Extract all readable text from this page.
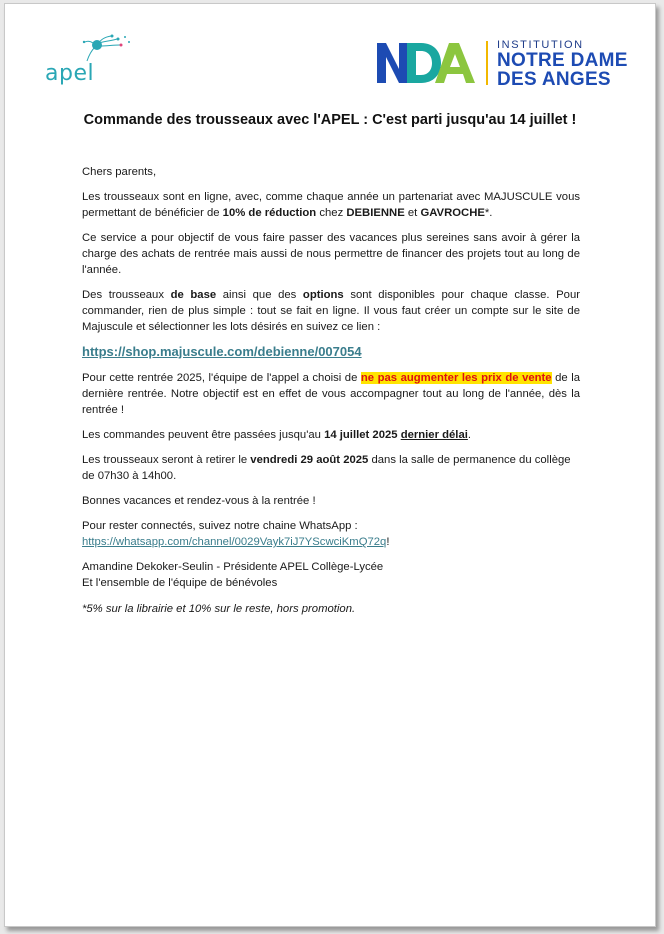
apel
INSTITUTION
NOTRE DAME
DES ANGES
Commande des trousseaux avec l'APEL : C'est parti jusqu'au 14 juillet !

Chers parents,

Les trousseaux sont en ligne, avec, comme chaque année un partenariat avec MAJUSCULE vous permettant de bénéficier de 10% de réduction chez DEBIENNE et GAVROCHE*.

Ce service a pour objectif de vous faire passer des vacances plus sereines sans avoir à gérer la charge des achats de rentrée mais aussi de nous permettre de financer des projets tout au long de l'année.

Des trousseaux de base ainsi que des options sont disponibles pour chaque classe. Pour commander, rien de plus simple : tout se fait en ligne. Il vous faut créer un compte sur le site de Majuscule et sélectionner les lots désirés en suivez ce lien :

https://shop.majuscule.com/debienne/007054

Pour cette rentrée 2025, l'équipe de l'appel a choisi de ne pas augmenter les prix de vente de la dernière rentrée. Notre objectif est en effet de vous accompagner tout au long de l'année, dès la rentrée !

Les commandes peuvent être passées jusqu'au 14 juillet 2025 dernier délai.

Les trousseaux seront à retirer le vendredi 29 août 2025 dans la salle de permanence du collège de 07h30 à 14h00.

Bonnes vacances et rendez-vous à la rentrée !

Pour rester connectés, suivez notre chaine WhatsApp :
https://whatsapp.com/channel/0029Vayk7iJ7YScwciKmQ72q!

Amandine Dekoker-Seulin - Présidente APEL Collège-Lycée
Et l'ensemble de l'équipe de bénévoles

*5% sur la librairie et 10% sur le reste, hors promotion.
